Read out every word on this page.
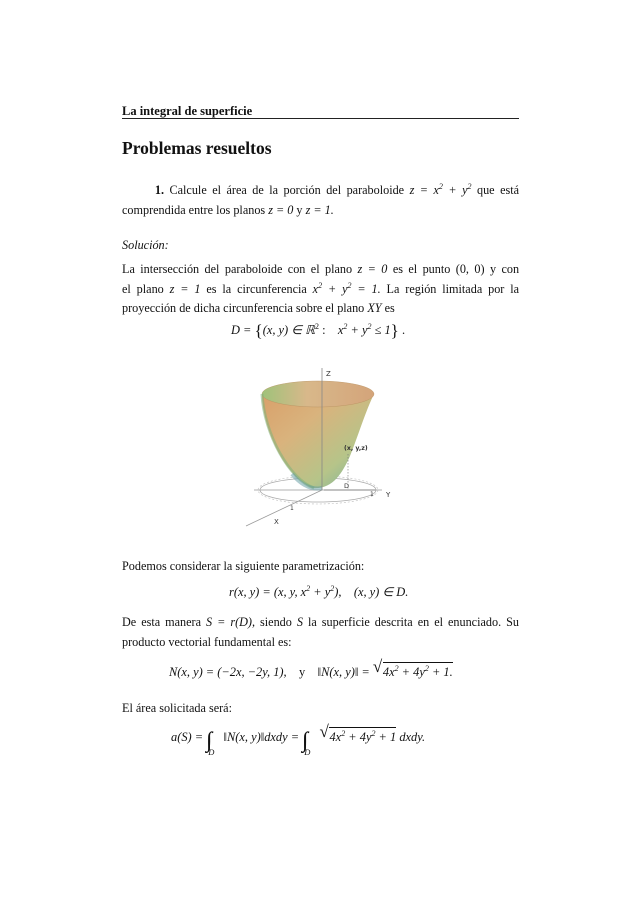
La integral de superficie
Problemas resueltos
1. Calcule el área de la porción del paraboloide $z = x^2 + y^2$ que está
comprendida entre los planos z = 0 y z = 1.
Solución:
La intersección del paraboloide con el plano z = 0 es el punto (0, 0) y con
el plano z = 1 es la circunferencia $x^2 + y^2 = 1$. La región limitada por la
proyección de dicha circunferencia sobre el plano XY es
D = {(x, y) ∈ ℝ$^2$ : $x^2 + y^2 \le 1$} .
Z
(x, y,z)
D
1 Y
1
X
Podemos considerar la siguiente parametrización:
r(x, y) = (x, y, $x^2 + y^2$), (x, y) ∈ D.
De esta manera S = r(D), siendo S la superficie descrita en el enunciado. Su
producto vectorial fundamental es:
N(x, y) = (−2x, −2y, 1), y ‖N(x, y)‖ = √ $4x^2 + 4y^2 + 1$.
El área solicitada será:
a(S) = ∫∫ $_D$ ‖N(x, y)‖dxdy = ∫∫ $_D$
√ $4x^2 + 4y^2 + 1$ dxdy.
